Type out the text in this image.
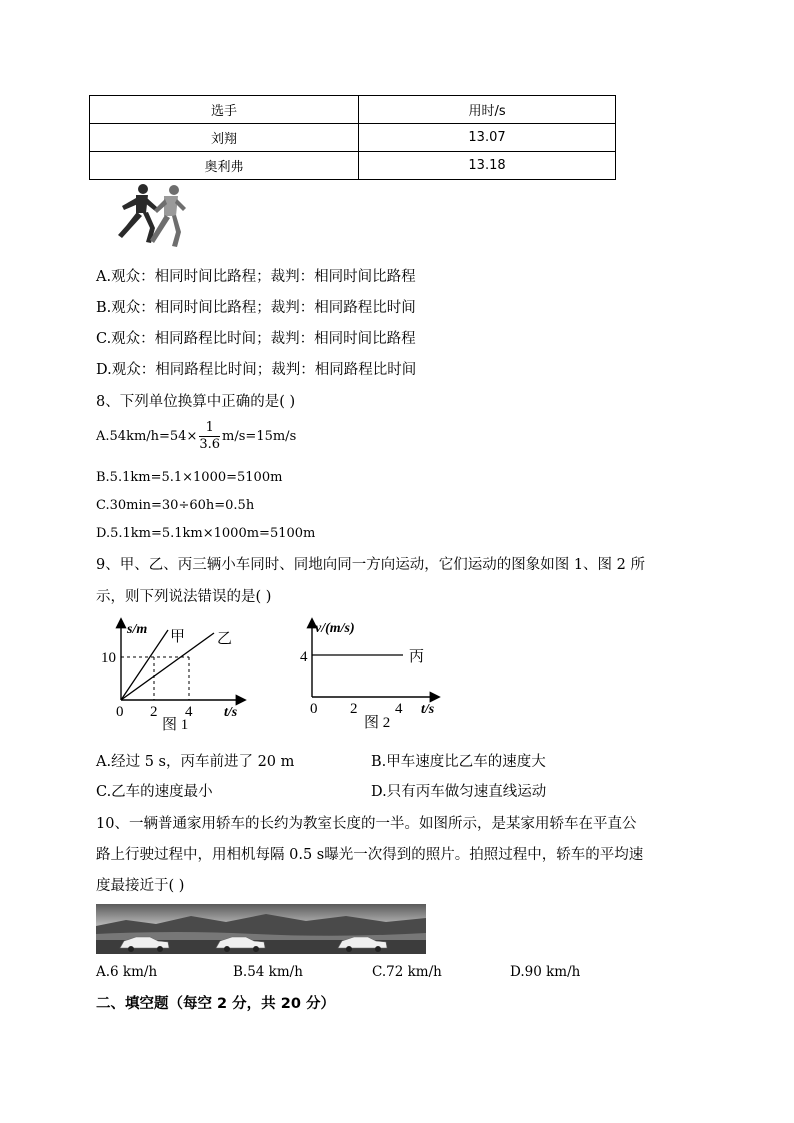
选手	用时/s
刘翔	13.07
奥利弗	13.18
A.观众：相同时间比路程；裁判：相同时间比路程
B.观众：相同时间比路程；裁判：相同路程比时间
C.观众：相同路程比时间；裁判：相同时间比路程
D.观众：相同路程比时间；裁判：相同路程比时间
8、下列单位换算中正确的是( )
$A.54km/h=54\times \frac{1}{3.6} m/s=15m/s$
B.5.1km=5.1×1000=5100m
C.30min=30÷60h=0.5h
D.5.1km=5.1km×1000m=5100m
9、甲、乙、丙三辆小车同时、同地向同一方向运动，它们运动的图象如图 1、图 2 所
示，则下列说法错误的是( )
s/m 甲 乙
10
0 2 4 t/s
图 1
v/(m/s)
4	丙
0 2	4 t/s
图 2
A.经过 5 s，丙车前进了 20 m	B.甲车速度比乙车的速度大
C.乙车的速度最小	D.只有丙车做匀速直线运动
10、一辆普通家用轿车的长约为教室长度的一半。如图所示，是某家用轿车在平直公
路上行驶过程中，用相机每隔 0.5 s曝光一次得到的照片。拍照过程中，轿车的平均速
度最接近于( )
A.6 km/h	B.54 km/h	C.72 km/h	D.90 km/h
二、填空题（每空 2 分，共 20 分）
